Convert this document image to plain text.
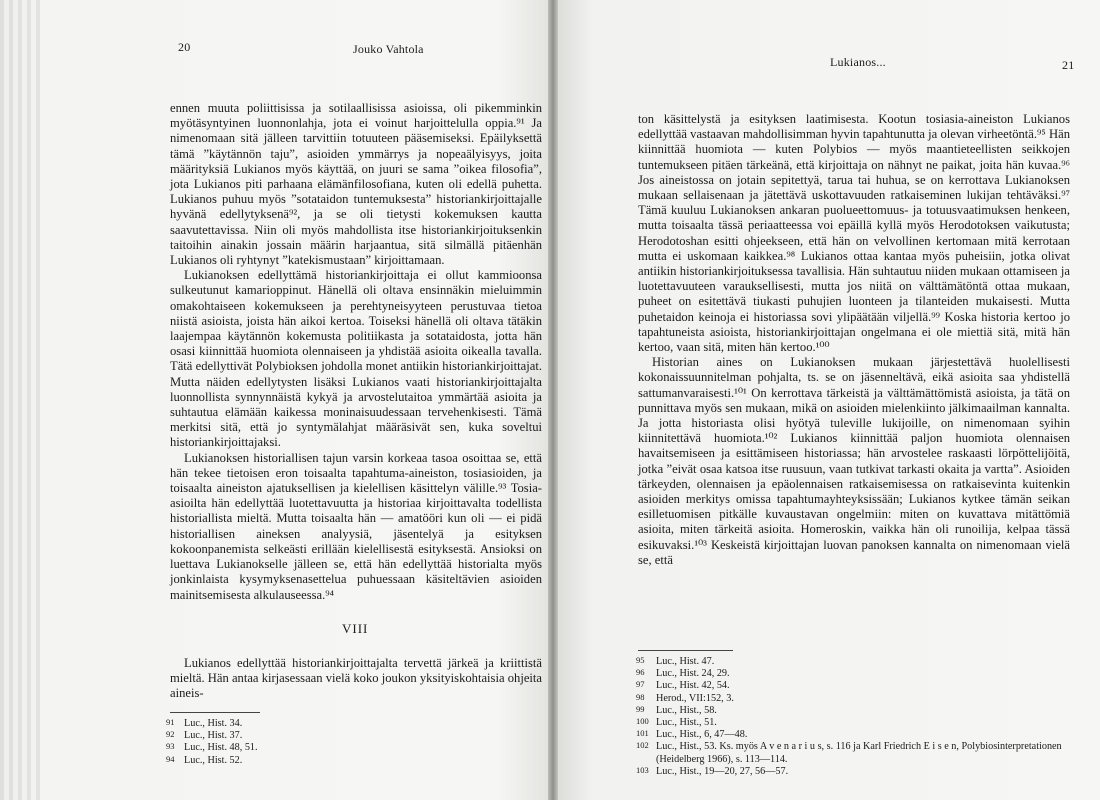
20	Jouko Vahtola

ennen muuta poliittisissa ja sotilaallisissa asioissa, oli pikemminkin myötäsyntyinen luonnonlahja, jota ei voinut harjoittelulla oppia.⁹¹ Ja nimenomaan sitä jälleen tarvittiin totuuteen pääsemiseksi. Epäilyksettä tämä ”käytännön taju”, asioiden ymmärrys ja nopeaälyisyys, joita määrityksiä Lukianos myös käyttää, on juuri se sama ”oikea filosofia”, jota Lukianos piti parhaana elämänfilosofiana, kuten oli edellä puhetta. Lukianos puhuu myös ”sotataidon tuntemuksesta” historiankirjoittajalle hyvänä edellytyksenä⁹², ja se oli tietysti kokemuksen kautta saavutettavissa. Niin oli myös mahdollista itse historiankirjoituksenkin taitoihin ainakin jossain määrin harjaantua, sitä silmällä pitäenhän Lukianos oli ryhtynyt ”katekismustaan” kirjoittamaan.

Lukianoksen edellyttämä historiankirjoittaja ei ollut kammioonsa sulkeutunut kamarioppinut. Hänellä oli oltava ensinnäkin mieluimmin omakohtaiseen kokemukseen ja perehtyneisyyteen perustuvaa tietoa niistä asioista, joista hän aikoi kertoa. Toiseksi hänellä oli oltava tätäkin laajempaa käytännön kokemusta politiikasta ja sotataidosta, jotta hän osasi kiinnittää huomiota olennaiseen ja yhdistää asioita oikealla tavalla. Tätä edellyttivät Polybioksen johdolla monet antiikin historiankirjoittajat. Mutta näiden edellytysten lisäksi Lukianos vaati historiankirjoittajalta luonnollista synnynnäistä kykyä ja arvostelutaitoa ymmärtää asioita ja suhtautua elämään kaikessa moninaisuudessaan tervehenkisesti. Tämä merkitsi sitä, että jo syntymälahjat määräsivät sen, kuka soveltui historiankirjoittajaksi.

Lukianoksen historiallisen tajun varsin korkeaa tasoa osoittaa se, että hän tekee tietoisen eron toisaalta tapahtuma-aineiston, tosiasioiden, ja toisaalta aineiston ajatuksellisen ja kielellisen käsittelyn välille.⁹³ Tosia-asioilta hän edellyttää luotettavuutta ja historiaa kirjoittavalta todellista historiallista mieltä. Mutta toisaalta hän — amatööri kun oli — ei pidä historiallisen aineksen analyysiä, jäsentelyä ja esityksen kokoonpanemista selkeästi erillään kielellisestä esityksestä. Ansioksi on luettava Lukianokselle jälleen se, että hän edellyttää historialta myös jonkinlaista kysymyksenasettelua puhuessaan käsiteltävien asioiden mainitsemisesta alkulauseessa.⁹⁴

VIII

Lukianos edellyttää historiankirjoittajalta tervettä järkeä ja kriittistä mieltä. Hän antaa kirjasessaan vielä koko joukon yksityiskohtaisia ohjeita aineis-

91 Luc., Hist. 34.
92 Luc., Hist. 37.
93 Luc., Hist. 48, 51.
94 Luc., Hist. 52.
Lukianos...	21

ton käsittelystä ja esityksen laatimisesta. Kootun tosiasia-aineiston Lukianos edellyttää vastaavan mahdollisimman hyvin tapahtunutta ja olevan virheetöntä.⁹⁵ Hän kiinnittää huomiota — kuten Polybios — myös maantieteellisten seikkojen tuntemukseen pitäen tärkeänä, että kirjoittaja on nähnyt ne paikat, joita hän kuvaa.⁹⁶ Jos aineistossa on jotain sepitettyä, tarua tai huhua, se on kerrottava Lukianoksen mukaan sellaisenaan ja jätettävä uskottavuuden ratkaiseminen lukijan tehtäväksi.⁹⁷ Tämä kuuluu Lukianoksen ankaran puolueettomuus- ja totuusvaatimuksen henkeen, mutta toisaalta tässä periaatteessa voi epäillä kyllä myös Herodotoksen vaikutusta; Herodotoshan esitti ohjeekseen, että hän on velvollinen kertomaan mitä kerrotaan mutta ei uskomaan kaikkea.⁹⁸ Lukianos ottaa kantaa myös puheisiin, jotka olivat antiikin historiankirjoituksessa tavallisia. Hän suhtautuu niiden mukaan ottamiseen ja luotettavuuteen varauksellisesti, mutta jos niitä on välttämätöntä ottaa mukaan, puheet on esitettävä tiukasti puhujien luonteen ja tilanteiden mukaisesti. Mutta puhetaidon keinoja ei historiassa sovi ylipäätään viljellä.⁹⁹ Koska historia kertoo jo tapahtuneista asioista, historiankirjoittajan ongelmana ei ole miettiä sitä, mitä hän kertoo, vaan sitä, miten hän kertoo.¹⁰⁰

Historian aines on Lukianoksen mukaan järjestettävä huolellisesti kokonaissuunnitelman pohjalta, ts. se on jäsenneltävä, eikä asioita saa yhdistellä sattumanvaraisesti.¹⁰¹ On kerrottava tärkeistä ja välttämättömistä asioista, ja tätä on punnittava myös sen mukaan, mikä on asioiden mielenkiinto jälkimaailman kannalta. Ja jotta historiasta olisi hyötyä tuleville lukijoille, on nimenomaan syihin kiinnitettävä huomiota.¹⁰² Lukianos kiinnittää paljon huomiota olennaisen havaitsemiseen ja esittämiseen historiassa; hän arvostelee raskaasti lörpöttelijöitä, jotka ”eivät osaa katsoa itse ruusuun, vaan tutkivat tarkasti okaita ja vartta”. Asioiden tärkeyden, olennaisen ja epäolennaisen ratkaisemisessa on ratkaisevinta kuitenkin asioiden merkitys omissa tapahtumayhteyksissään; Lukianos kytkee tämän seikan esilletuomisen pitkälle kuvaustavan ongelmiin: miten on kuvattava mitättömiä asioita, miten tärkeitä asioita. Homeroskin, vaikka hän oli runoilija, kelpaa tässä esikuvaksi.¹⁰³ Keskeistä kirjoittajan luovan panoksen kannalta on nimenomaan vielä se, että

95 Luc., Hist. 47.
96 Luc., Hist. 24, 29.
97 Luc., Hist. 42, 54.
98 Herod., VII:152, 3.
99 Luc., Hist., 58.
100 Luc., Hist., 51.
101 Luc., Hist., 6, 47—48.
102 Luc., Hist., 53. Ks. myös A v e n a r i u s, s. 116 ja Karl Friedrich E i s e n, Polybiosinterpretationen (Heidelberg 1966), s. 113—114.
103 Luc., Hist., 19—20, 27, 56—57.
